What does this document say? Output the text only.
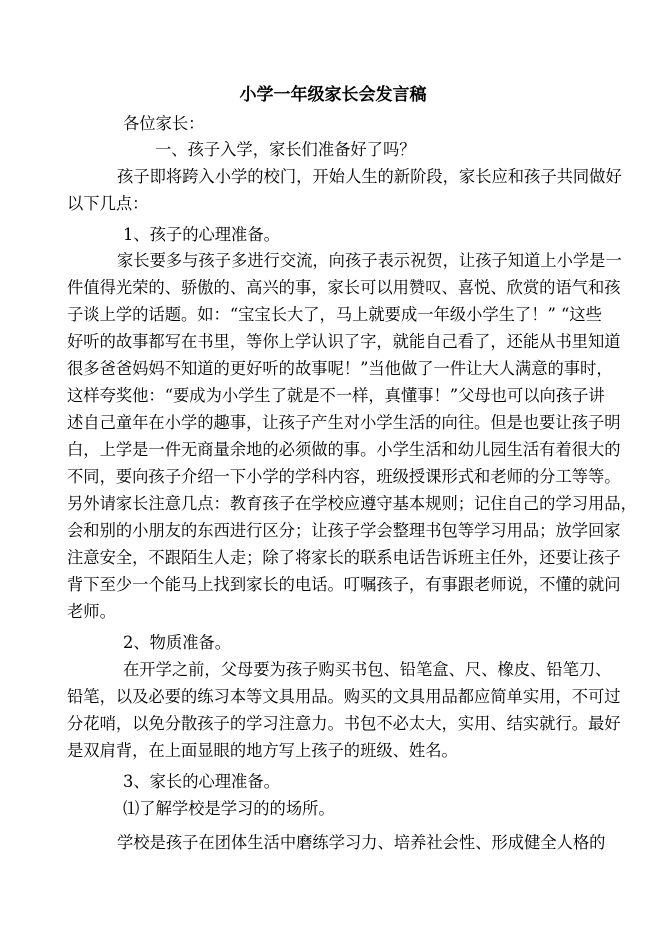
小学一年级家长会发言稿
各位家长：
一、孩子入学，家长们准备好了吗？
孩子即将跨入小学的校门，开始人生的新阶段，家长应和孩子共同做好
以下几点：
1、孩子的心理准备。
家长要多与孩子多进行交流，向孩子表示祝贺，让孩子知道上小学是一
件值得光荣的、骄傲的、高兴的事，家长可以用赞叹、喜悦、欣赏的语气和孩
子谈上学的话题。如：“宝宝长大了，马上就要成一年级小学生了！” “这些
好听的故事都写在书里，等你上学认识了字，就能自己看了，还能从书里知道
很多爸爸妈妈不知道的更好听的故事呢！”当他做了一件让大人满意的事时，
这样夸奖他：“要成为小学生了就是不一样，真懂事！”父母也可以向孩子讲
述自己童年在小学的趣事，让孩子产生对小学生活的向往。但是也要让孩子明
白，上学是一件无商量余地的必须做的事。小学生活和幼儿园生活有着很大的
不同，要向孩子介绍一下小学的学科内容，班级授课形式和老师的分工等等。
另外请家长注意几点：教育孩子在学校应遵守基本规则；记住自己的学习用品，
会和别的小朋友的东西进行区分；让孩子学会整理书包等学习用品；放学回家
注意安全，不跟陌生人走；除了将家长的联系电话告诉班主任外，还要让孩子
背下至少一个能马上找到家长的电话。叮嘱孩子，有事跟老师说，不懂的就问
老师。
2、物质准备。
在开学之前，父母要为孩子购买书包、铅笔盒、尺、橡皮、铅笔刀、
铅笔，以及必要的练习本等文具用品。购买的文具用品都应简单实用，不可过
分花哨，以免分散孩子的学习注意力。书包不必太大，实用、结实就行。最好
是双肩背，在上面显眼的地方写上孩子的班级、姓名。
3、家长的心理准备。
⑴了解学校是学习的的场所。
学校是孩子在团体生活中磨练学习力、培养社会性、形成健全人格的
